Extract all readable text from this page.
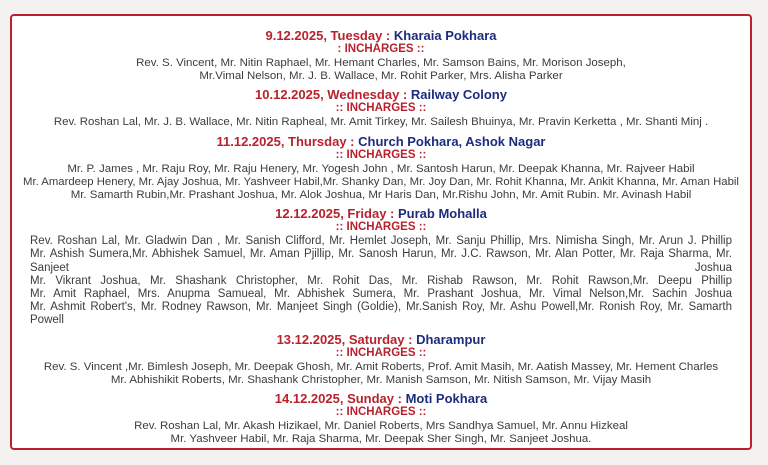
9.12.2025, Tuesday : Kharaia Pokhara
: INCHARGES ::
Rev. S. Vincent, Mr. Nitin Raphael, Mr. Hemant Charles, Mr. Samson Bains, Mr. Morison Joseph,
Mr.Vimal Nelson, Mr. J. B. Wallace, Mr. Rohit Parker, Mrs. Alisha Parker
10.12.2025, Wednesday : Railway Colony
:: INCHARGES ::
Rev. Roshan Lal, Mr. J. B. Wallace, Mr. Nitin Rapheal, Mr. Amit Tirkey, Mr. Sailesh Bhuinya, Mr. Pravin Kerketta , Mr. Shanti Minj .
11.12.2025, Thursday : Church Pokhara, Ashok Nagar
:: INCHARGES ::
Mr. P. James , Mr. Raju Roy, Mr. Raju Henery, Mr. Yogesh John , Mr. Santosh Harun, Mr. Deepak Khanna, Mr. Rajveer Habil
Mr. Amardeep Henery, Mr. Ajay Joshua, Mr. Yashveer Habil,Mr. Shanky Dan, Mr. Joy Dan, Mr. Rohit Khanna, Mr. Ankit Khanna, Mr. Aman Habil
Mr. Samarth Rubin,Mr. Prashant Joshua, Mr. Alok Joshua, Mr Haris Dan, Mr.Rishu John, Mr. Amit Rubin. Mr. Avinash Habil
12.12.2025, Friday : Purab Mohalla
:: INCHARGES ::
Rev. Roshan Lal, Mr. Gladwin Dan , Mr. Sanish Clifford, Mr. Hemlet Joseph, Mr. Sanju Phillip, Mrs. Nimisha Singh, Mr. Arun J. Phillip
Mr. Ashish Sumera,Mr. Abhishek Samuel, Mr. Aman Pjillip, Mr. Sanosh Harun, Mr. J.C. Rawson, Mr. Alan Potter, Mr. Raja Sharma, Mr. Sanjeet Joshua
Mr. Vikrant Joshua, Mr. Shashank Christopher, Mr. Rohit Das, Mr. Rishab Rawson, Mr. Rohit Rawson,Mr. Deepu Phillip
Mr. Amit Raphael, Mrs. Anupma Samueal, Mr. Abhishek Sumera, Mr. Prashant Joshua, Mr. Vimal Nelson,Mr. Sachin Joshua
Mr. Ashmit Robert's, Mr. Rodney Rawson, Mr. Manjeet Singh (Goldie), Mr.Sanish Roy, Mr. Ashu Powell,Mr. Ronish Roy, Mr. Samarth Powell
13.12.2025, Saturday : Dharampur
:: INCHARGES ::
Rev. S. Vincent ,Mr. Bimlesh Joseph, Mr. Deepak Ghosh, Mr. Amit Roberts, Prof. Amit Masih, Mr. Aatish Massey, Mr. Hement Charles
Mr. Abhishikit Roberts, Mr. Shashank Christopher, Mr. Manish Samson, Mr. Nitish Samson, Mr. Vijay Masih
14.12.2025, Sunday : Moti Pokhara
:: INCHARGES ::
Rev. Roshan Lal, Mr. Akash Hizikael, Mr. Daniel Roberts, Mrs Sandhya Samuel, Mr. Annu Hizkeal
Mr. Yashveer Habil, Mr. Raja Sharma, Mr. Deepak Sher Singh, Mr. Sanjeet Joshua.
